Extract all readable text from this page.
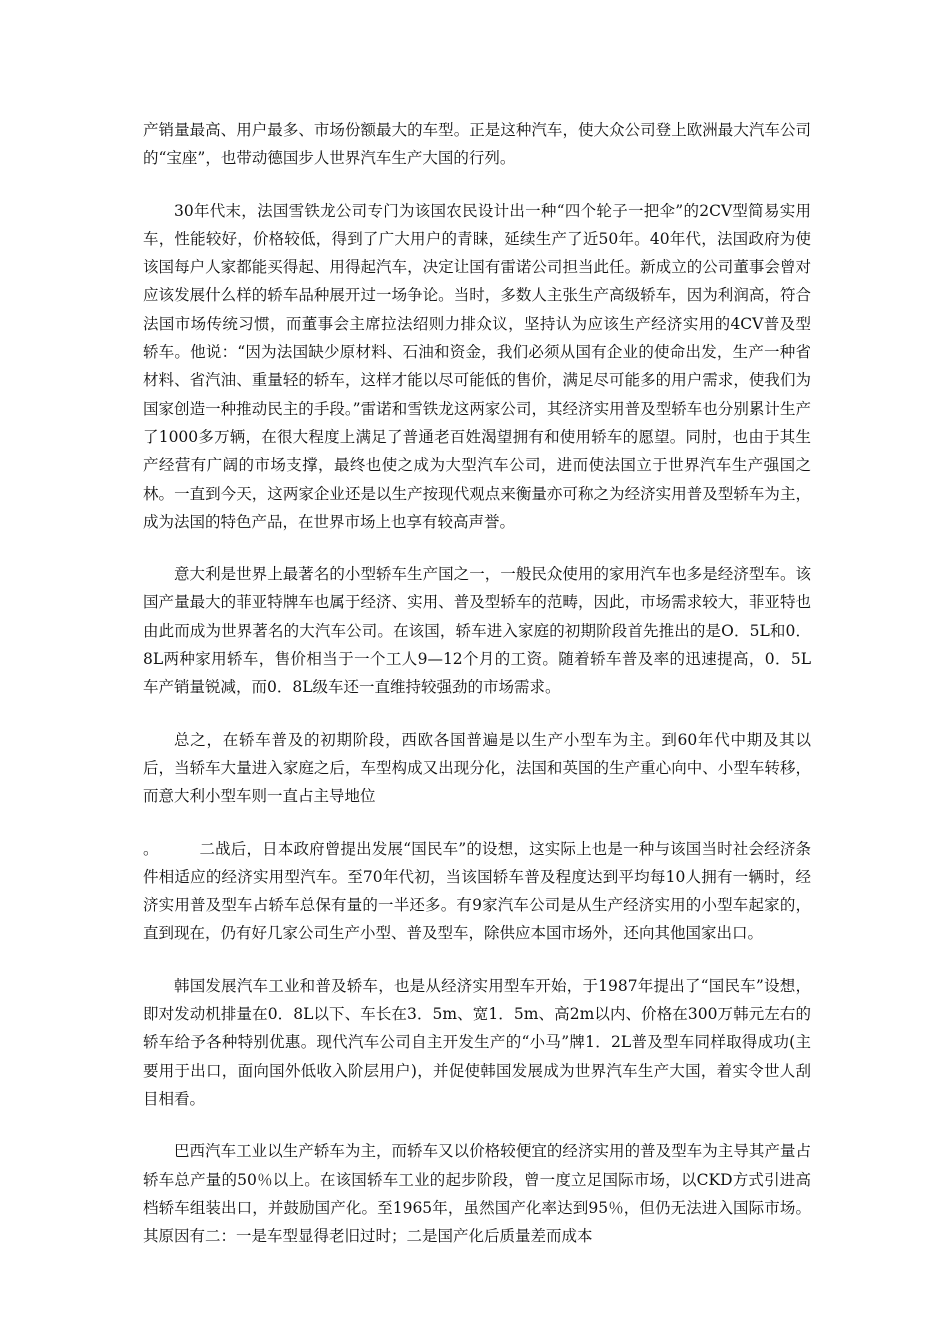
产销量最高、用户最多、市场份额最大的车型。正是这种汽车，使大众公司登上欧洲最大汽车公司的“宝座”，也带动德国步人世界汽车生产大国的行列。

30年代末，法国雪铁龙公司专门为该国农民设计出一种“四个轮子一把伞”的2CV型简易实用车，性能较好，价格较低，得到了广大用户的青睐，延续生产了近50年。40年代，法国政府为使该国每户人家都能买得起、用得起汽车，决定让国有雷诺公司担当此任。新成立的公司董事会曾对应该发展什么样的轿车品种展开过一场争论。当时，多数人主张生产高级轿车，因为利润高，符合法国市场传统习惯，而董事会主席拉法绍则力排众议，坚持认为应该生产经济实用的4CV普及型轿车。他说：“因为法国缺少原材料、石油和资金，我们必须从国有企业的使命出发，生产一种省材料、省汽油、重量轻的轿车，这样才能以尽可能低的售价，满足尽可能多的用户需求，使我们为国家创造一种推动民主的手段。”雷诺和雪铁龙这两家公司，其经济实用普及型轿车也分别累计生产了1000多万辆，在很大程度上满足了普通老百姓渴望拥有和使用轿车的愿望。同肘，也由于其生产经营有广阔的市场支撑，最终也使之成为大型汽车公司，进而使法国立于世界汽车生产强国之林。一直到今天，这两家企业还是以生产按现代观点来衡量亦可称之为经济实用普及型轿车为主，成为法国的特色产品，在世界市场上也享有较高声誉。

意大利是世界上最著名的小型轿车生产国之一，一般民众使用的家用汽车也多是经济型车。该国产量最大的菲亚特牌车也属于经济、实用、普及型轿车的范畴，因此，市场需求较大，菲亚特也由此而成为世界著名的大汽车公司。在该国，轿车进入家庭的初期阶段首先推出的是O．5L和0．8L两种家用轿车，售价相当于一个工人9—12个月的工资。随着轿车普及率的迅速提高，0．5L车产销量锐减，而0．8L级车还一直维持较强劲的市场需求。

总之，在轿车普及的初期阶段，西欧各国普遍是以生产小型车为主。到60年代中期及其以后，当轿车大量进入家庭之后，车型构成又出现分化，法国和英国的生产重心向中、小型车转移，而意大利小型车则一直占主导地位

。        二战后，日本政府曾提出发展“国民车”的设想，这实际上也是一种与该国当时社会经济条件相适应的经济实用型汽车。至70年代初，当该国轿车普及程度达到平均每10人拥有一辆时，经济实用普及型车占轿车总保有量的一半还多。有9家汽车公司是从生产经济实用的小型车起家的，直到现在，仍有好几家公司生产小型、普及型车，除供应本国市场外，还向其他国家出口。

韩国发展汽车工业和普及轿车，也是从经济实用型车开始，于1987年提出了“国民车”设想，即对发动机排量在0．8L以下、车长在3．5m、宽1．5m、高2m以内、价格在300万韩元左右的轿车给予各种特别优惠。现代汽车公司自主开发生产的“小马”牌1．2L普及型车同样取得成功(主要用于出口，面向国外低收入阶层用户)，并促使韩国发展成为世界汽车生产大国，着实令世人刮目相看。

巴西汽车工业以生产轿车为主，而轿车又以价格较便宜的经济实用的普及型车为主导其产量占轿车总产量的50％以上。在该国轿车工业的起步阶段，曾一度立足国际市场，以CKD方式引进高档轿车组装出口，并鼓励国产化。至1965年，虽然国产化率达到95％，但仍无法进入国际市场。其原因有二：一是车型显得老旧过时；二是国产化后质量差而成本
